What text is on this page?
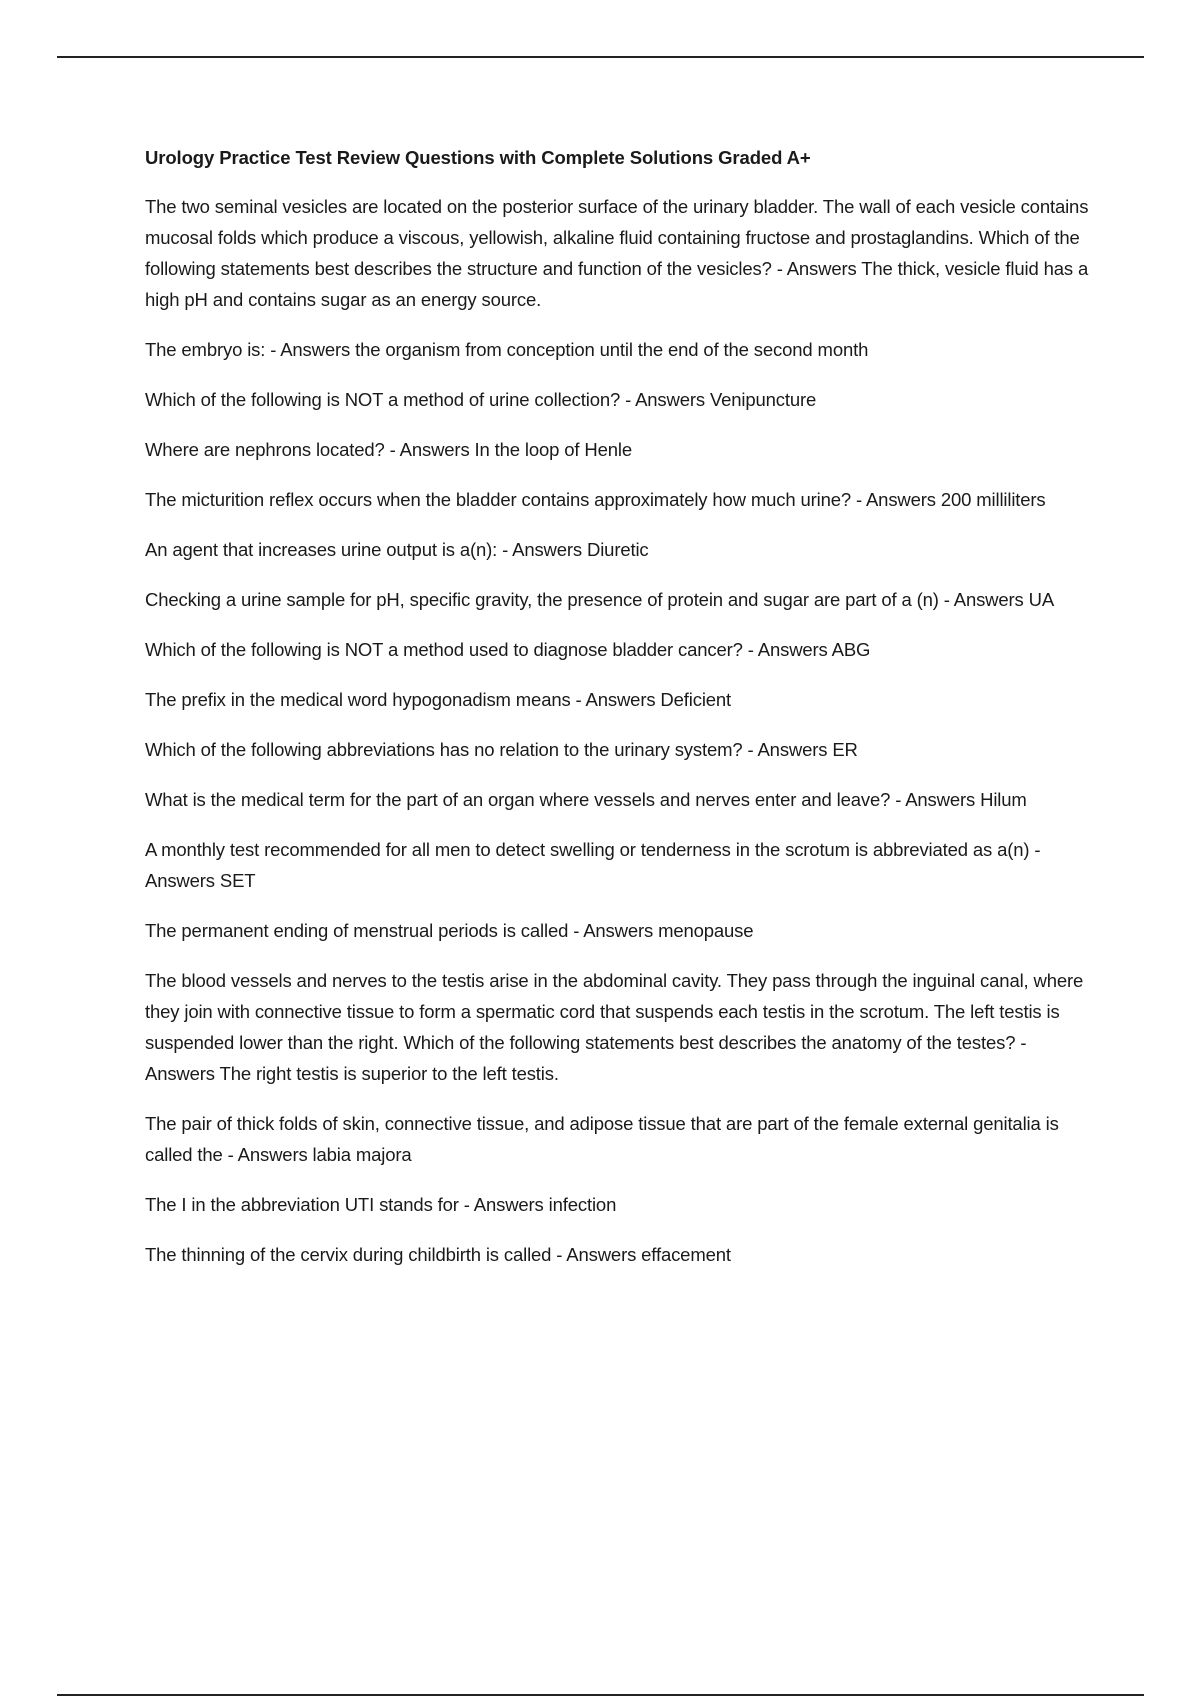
Urology Practice Test Review Questions with Complete Solutions Graded A+

The two seminal vesicles are located on the posterior surface of the urinary bladder. The wall of each vesicle contains mucosal folds which produce a viscous, yellowish, alkaline fluid containing fructose and prostaglandins. Which of the following statements best describes the structure and function of the vesicles? - Answers The thick, vesicle fluid has a high pH and contains sugar as an energy source.

The embryo is: - Answers the organism from conception until the end of the second month

Which of the following is NOT a method of urine collection? - Answers Venipuncture

Where are nephrons located? - Answers In the loop of Henle

The micturition reflex occurs when the bladder contains approximately how much urine? - Answers 200 milliliters

An agent that increases urine output is a(n): - Answers Diuretic

Checking a urine sample for pH, specific gravity, the presence of protein and sugar are part of a (n) - Answers UA

Which of the following is NOT a method used to diagnose bladder cancer? - Answers ABG

The prefix in the medical word hypogonadism means - Answers Deficient

Which of the following abbreviations has no relation to the urinary system? - Answers ER

What is the medical term for the part of an organ where vessels and nerves enter and leave? - Answers Hilum

A monthly test recommended for all men to detect swelling or tenderness in the scrotum is abbreviated as a(n) - Answers SET

The permanent ending of menstrual periods is called - Answers menopause

The blood vessels and nerves to the testis arise in the abdominal cavity. They pass through the inguinal canal, where they join with connective tissue to form a spermatic cord that suspends each testis in the scrotum. The left testis is suspended lower than the right. Which of the following statements best describes the anatomy of the testes? - Answers The right testis is superior to the left testis.

The pair of thick folds of skin, connective tissue, and adipose tissue that are part of the female external genitalia is called the - Answers labia majora

The I in the abbreviation UTI stands for - Answers infection

The thinning of the cervix during childbirth is called - Answers effacement
